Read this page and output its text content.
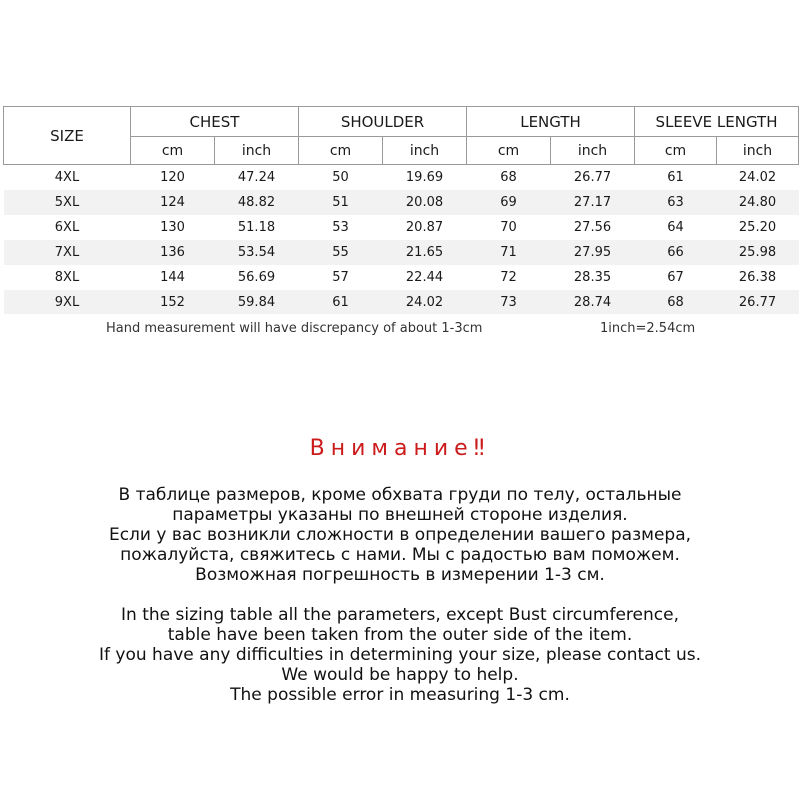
SIZE	CHEST		SHOULDER		LENGTH		SLEEVE LENGTH	
	cm	inch	cm	inch	cm	inch	cm	inch
4XL	120	47.24	50	19.69	68	26.77	61	24.02
5XL	124	48.82	51	20.08	69	27.17	63	24.80
6XL	130	51.18	53	20.87	70	27.56	64	25.20
7XL	136	53.54	55	21.65	71	27.95	66	25.98
8XL	144	56.69	57	22.44	72	28.35	67	26.38
9XL	152	59.84	61	24.02	73	28.74	68	26.77
Hand measurement will have discrepancy of about 1-3cm	1inch=2.54cm
Внимание‼
В таблице размеров, кроме обхвата груди по телу, остальные
параметры указаны по внешней стороне изделия.
Если у вас возникли сложности в определении вашего размера,
пожалуйста, свяжитесь с нами. Мы с радостью вам поможем.
Возможная погрешность в измерении 1-3 см.
In the sizing table all the parameters, except Bust circumference,
table have been taken from the outer side of the item.
If you have any difficulties in determining your size, please contact us.
We would be happy to help.
The possible error in measuring 1-3 cm.
